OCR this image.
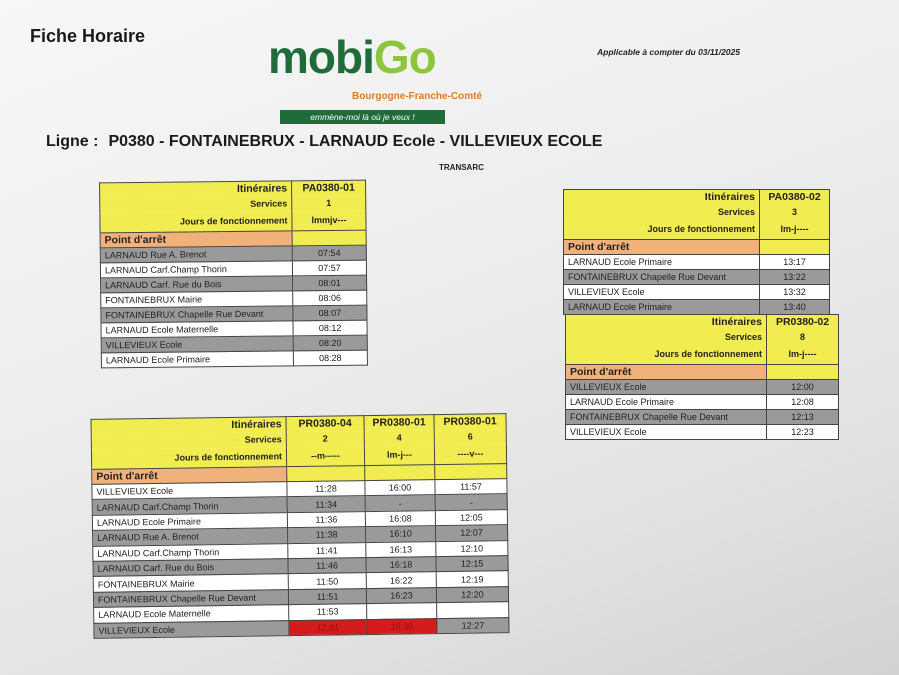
Fiche Horaire	mobiGo
Bourgogne-Franche-Comté
emmène-moi là où je veux !
Applicable à compter du 03/11/2025
Ligne : P0380 - FONTAINEBRUX - LARNAUD Ecole - VILLEVIEUX ECOLE
TRANSARC
Itinéraires	PA0380-01
Services	1
Jours de fonctionnement	lmmjv---
Point d'arrêt	
LARNAUD Rue A. Brenot	07:54
LARNAUD Carf.Champ Thorin	07:57
LARNAUD Carf. Rue du Bois	08:01
FONTAINEBRUX Mairie	08:06
FONTAINEBRUX Chapelle Rue Devant	08:07
LARNAUD Ecole Maternelle	08:12
VILLEVIEUX Ecole	08:20
LARNAUD Ecole Primaire	08:28
Itinéraires	PA0380-02
Services	3
Jours de fonctionnement	lm-j----
Point d'arrêt	
LARNAUD Ecole Primaire	13:17
FONTAINEBRUX Chapelle Rue Devant	13:22
VILLEVIEUX Ecole	13:32
LARNAUD Ecole Primaire	13:40
Itinéraires	PR0380-02
Services	8
Jours de fonctionnement	lm-j----
Point d'arrêt	
VILLEVIEUX Ecole	12:00
LARNAUD Ecole Primaire	12:08
FONTAINEBRUX Chapelle Rue Devant	12:13
VILLEVIEUX Ecole	12:23
Itinéraires	PR0380-04	PR0380-01	PR0380-01
Services	2	4	6
Jours de fonctionnement	--m-----	lm-j---	----v---
Point d'arrêt			
VILLEVIEUX Ecole	11:28	16:00	11:57
LARNAUD Carf.Champ Thorin	11:34	-	-
LARNAUD Ecole Primaire	11:36	16:08	12:05
LARNAUD Rue A. Brenot	11:38	16:10	12:07
LARNAUD Carf.Champ Thorin	11:41	16:13	12:10
LARNAUD Carf. Rue du Bois	11:46	16:18	12:15
FONTAINEBRUX Mairie	11:50	16:22	12:19
FONTAINEBRUX Chapelle Rue Devant	11:51	16:23	12:20
LARNAUD Ecole Maternelle	11:53		
VILLEVIEUX Ecole	12:01	16:30	12:27
